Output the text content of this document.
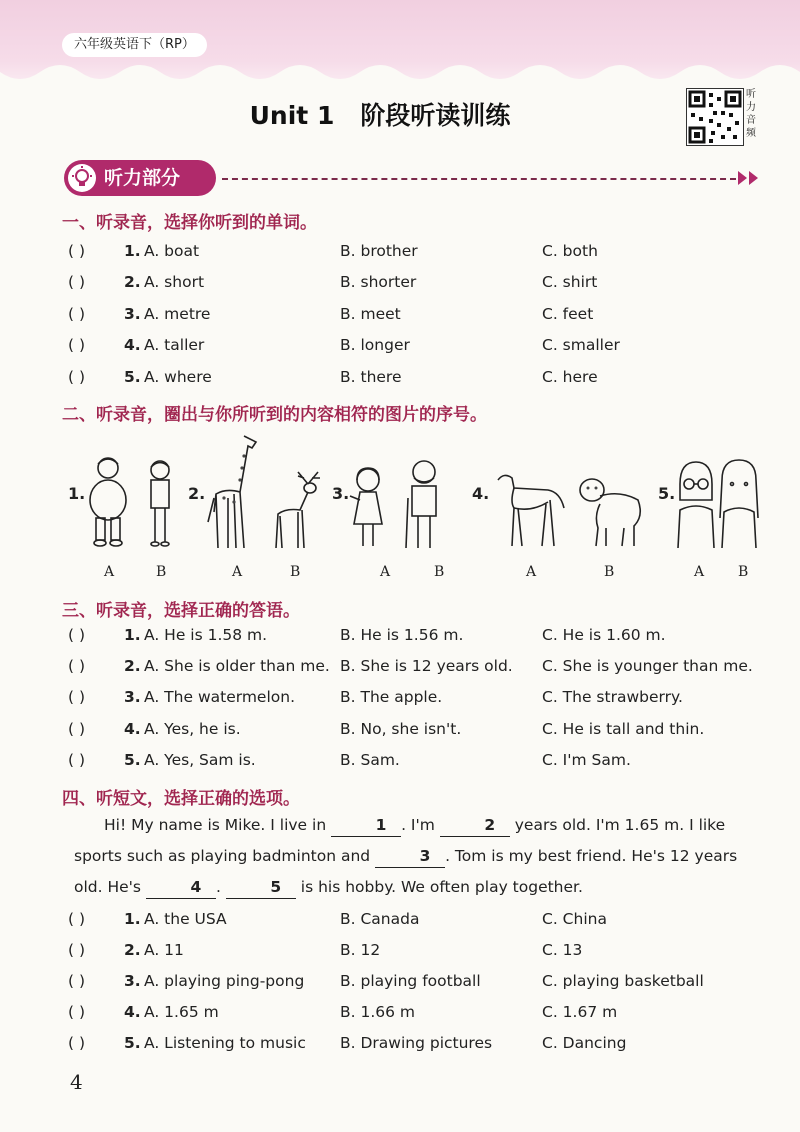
六年级英语下（RP）
Unit 1 阶段听读训练
听力音频
听力部分
一、听录音，选择你听到的单词。
( )	1. A. boat	B. brother	C. both
( )	2. A. short	B. shorter	C. shirt
( )	3. A. metre	B. meet	C. feet
( )	4. A. taller	B. longer	C. smaller
( )	5. A. where	B. there	C. here
二、听录音，圈出与你所听到的内容相符的图片的序号。
1.	2.	3.	4.	5.
A	B	A	B	A	B	A	B	A B
三、听录音，选择正确的答语。
( )	1. A. He is 1.58 m.	B. He is 1.56 m.	C. He is 1.60 m.
( )	2. A. She is older than me. B. She is 12 years old. C. She is younger than me.
( )	3. A. The watermelon.	B. The apple.	C. The strawberry.
( )	4. A. Yes, he is.	B. No, she isn't.	C. He is tall and thin.
( )	5. A. Yes, Sam is.	B. Sam.	C. I'm Sam.
四、听短文，选择正确的选项。
Hi! My name is Mike. I live in	1 . I'm	2 years old. I'm 1.65 m. I like sports such as playing badminton and	3 . Tom is my best friend. He's 12 years old. He's	4 .	5 is his hobby. We often play together.
( )	1. A. the USA	B. Canada	C. China
( )	2. A. 11	B. 12	C. 13
( )	3. A. playing ping-pong B. playing football	C. playing basketball
( )	4. A. 1.65 m	B. 1.66 m	C. 1.67 m
( )	5. A. Listening to music B. Drawing pictures	C. Dancing
4
